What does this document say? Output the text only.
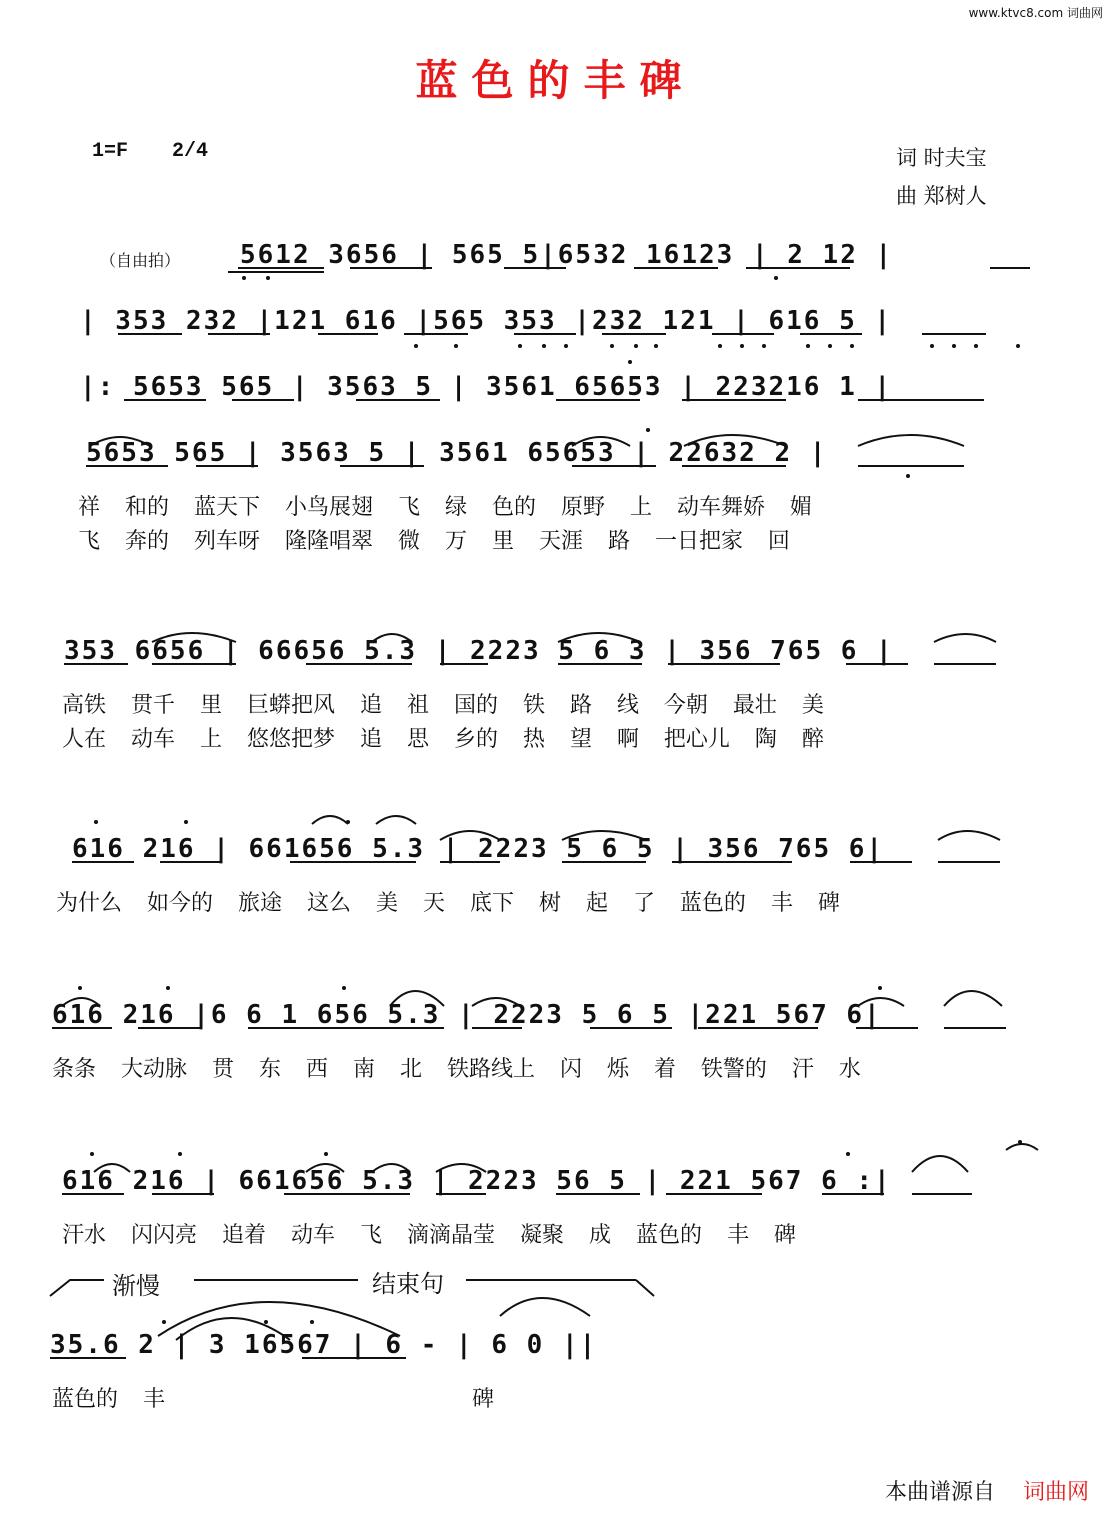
www.ktvc8.com 词曲网
蓝色的丰碑
1=F 2/4	词 时夫宝
曲 郑树人
（自由拍） 5612 3656 | 565 5|6532 16123 | 2 12 |
| 353 232 |121 616 |565 353 |232 121 | 616 5 |
|: 5653 565 | 3563 5 | 3561 65653 | 223216 1 |
5653 565 | 3563 5 | 3561 65653 | 22632 2 |
祥 和的 蓝天下 小鸟展翅 飞 绿 色的 原野 上 动车舞娇 媚
飞 奔的 列车呀 隆隆唱翠 微 万 里 天涯 路 一日把家 回
353 6656 | 66656 5.3 | 2223 5 6 3 | 356 765 6 |
高铁 贯千 里 巨蟒把风 追 祖 国的 铁 路 线 今朝 最壮 美
人在 动车 上 悠悠把梦 追 思 乡的 热 望 啊 把心儿 陶 醉
616 216 | 661656 5.3 | 2223 5 6 5 | 356 765 6|
为什么 如今的 旅途 这么 美 天 底下 树 起 了 蓝色的 丰 碑
616 216 |6 6 1 656 5.3 | 2223 5 6 5 |221 567 6|
条条 大动脉 贯 东 西 南 北 铁路线上 闪 烁 着 铁警的 汗 水
616 216 | 661656 5.3 | 2223 56 5 | 221 567 6 :|
汗水 闪闪亮 追着 动车 飞 滴滴晶莹 凝聚 成 蓝色的 丰 碑
渐慢	结束句
35.6 2 | 3 16567 | 6 - | 6 0 ||
蓝色的 丰	碑
本曲谱源自 词曲网
